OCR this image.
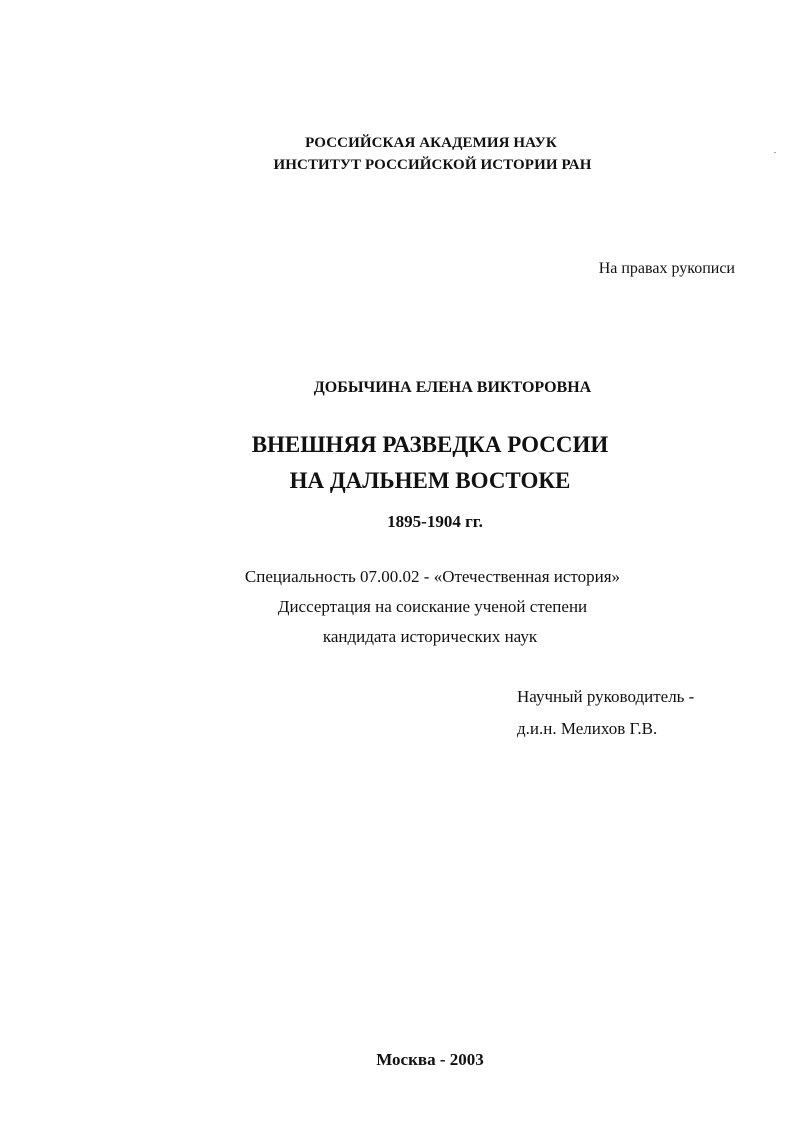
РОССИЙСКАЯ АКАДЕМИЯ НАУК
ИНСТИТУТ РОССИЙСКОЙ ИСТОРИИ РАН
На правах рукописи
ДОБЫЧИНА ЕЛЕНА ВИКТОРОВНА
ВНЕШНЯЯ РАЗВЕДКА РОССИИ
НА ДАЛЬНЕМ ВОСТОКЕ
1895-1904 гг.
Специальность 07.00.02 - «Отечественная история»
Диссертация на соискание ученой степени
кандидата исторических наук
Научный руководитель -
д.и.н. Мелихов Г.В.
Москва - 2003
